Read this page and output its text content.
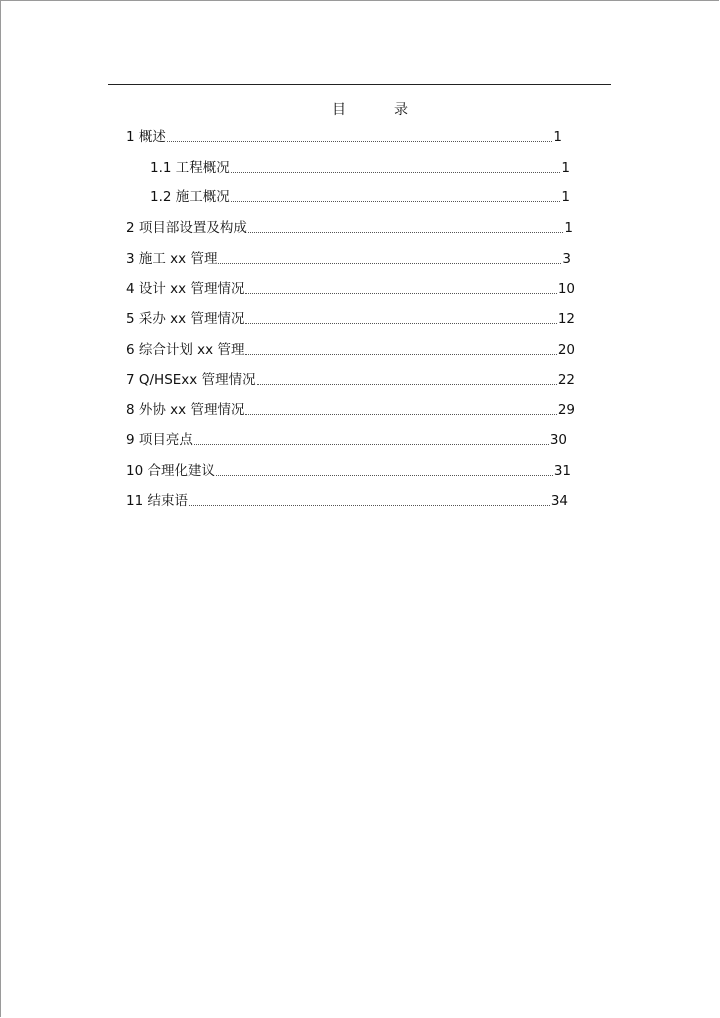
目	录
1 概述	1
1.1 工程概况	1
1.2 施工概况	1
2 项目部设置及构成	1
3 施工 xx 管理	3
4 设计 xx 管理情况	10
5 采办 xx 管理情况	12
6 综合计划 xx 管理	20
7 Q/HSExx 管理情况	22
8 外协 xx 管理情况	29
9 项目亮点	30
10 合理化建议	31
11 结束语	34
